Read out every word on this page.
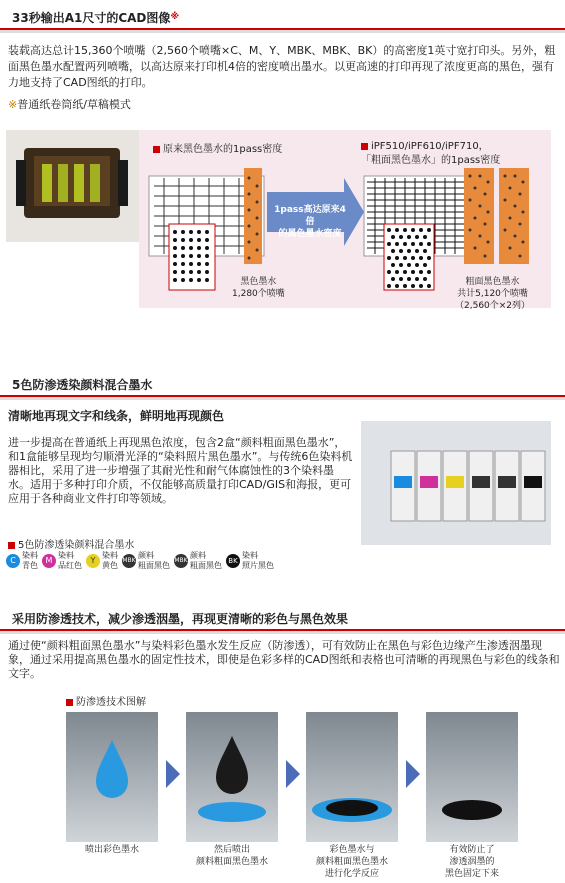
33秒输出A1尺寸的CAD图像 ※
装载高达总计15,360个喷嘴（2,560个喷嘴×C、M、Y、MBK、MBK、BK）的高密度1英寸宽打印头。另外，粗面黑色墨水配置两列喷嘴，以高达原来打印机4倍的密度喷出墨水。以更高速的打印再现了浓度更高的黑色，强有力地支持了CAD图纸的打印。
※普通纸卷筒纸/草稿模式
原来黑色墨水的1pass密度	iPF510/iPF610/iPF710，
「粗面黑色墨水」的1pass密度
1pass高达原来4倍
的黑色墨水密度
黑色墨水
1,280个喷嘴
粗面黑色墨水
共计5,120个喷嘴
（2,560个×2列）
5色防渗透染颜料混合墨水
清晰地再现文字和线条，鲜明地再现颜色
进一步提高在普通纸上再现黑色浓度，包含2盒“颜料粗面黑色墨水”，和1盒能够呈现均匀顺滑光泽的“染料照片黑色墨水”。与传统6色染料机器相比，采用了进一步增强了其耐光性和耐气体腐蚀性的3个染料墨水。适用于多种打印介质，不仅能够高质量打印CAD/GIS和海报，更可应用于各种商业文件打印等领域。
5色防渗透染颜料混合墨水
C
染料
青色
M
染料
品红色
Y
染料
黄色
MBK
颜料
粗面黑色
MBK
颜料
粗面黑色 BK
染料
照片黑色
采用防渗透技术，减少渗透洇墨，再现更清晰的彩色与黑色效果
通过使“颜料粗面黑色墨水”与染料彩色墨水发生反应（防渗透），可有效防止在黑色与彩色边缘产生渗透洇墨现象，通过采用提高黑色墨水的固定性技术，即使是色彩多样的CAD图纸和表格也可清晰的再现黑色与彩色的线条和文字。
防渗透技术图解
喷出彩色墨水	然后喷出
颜料粗面黑色墨水
彩色墨水与
颜料粗面黑色墨水
进行化学反应
有效防止了
渗透洇墨的
黑色固定下来
